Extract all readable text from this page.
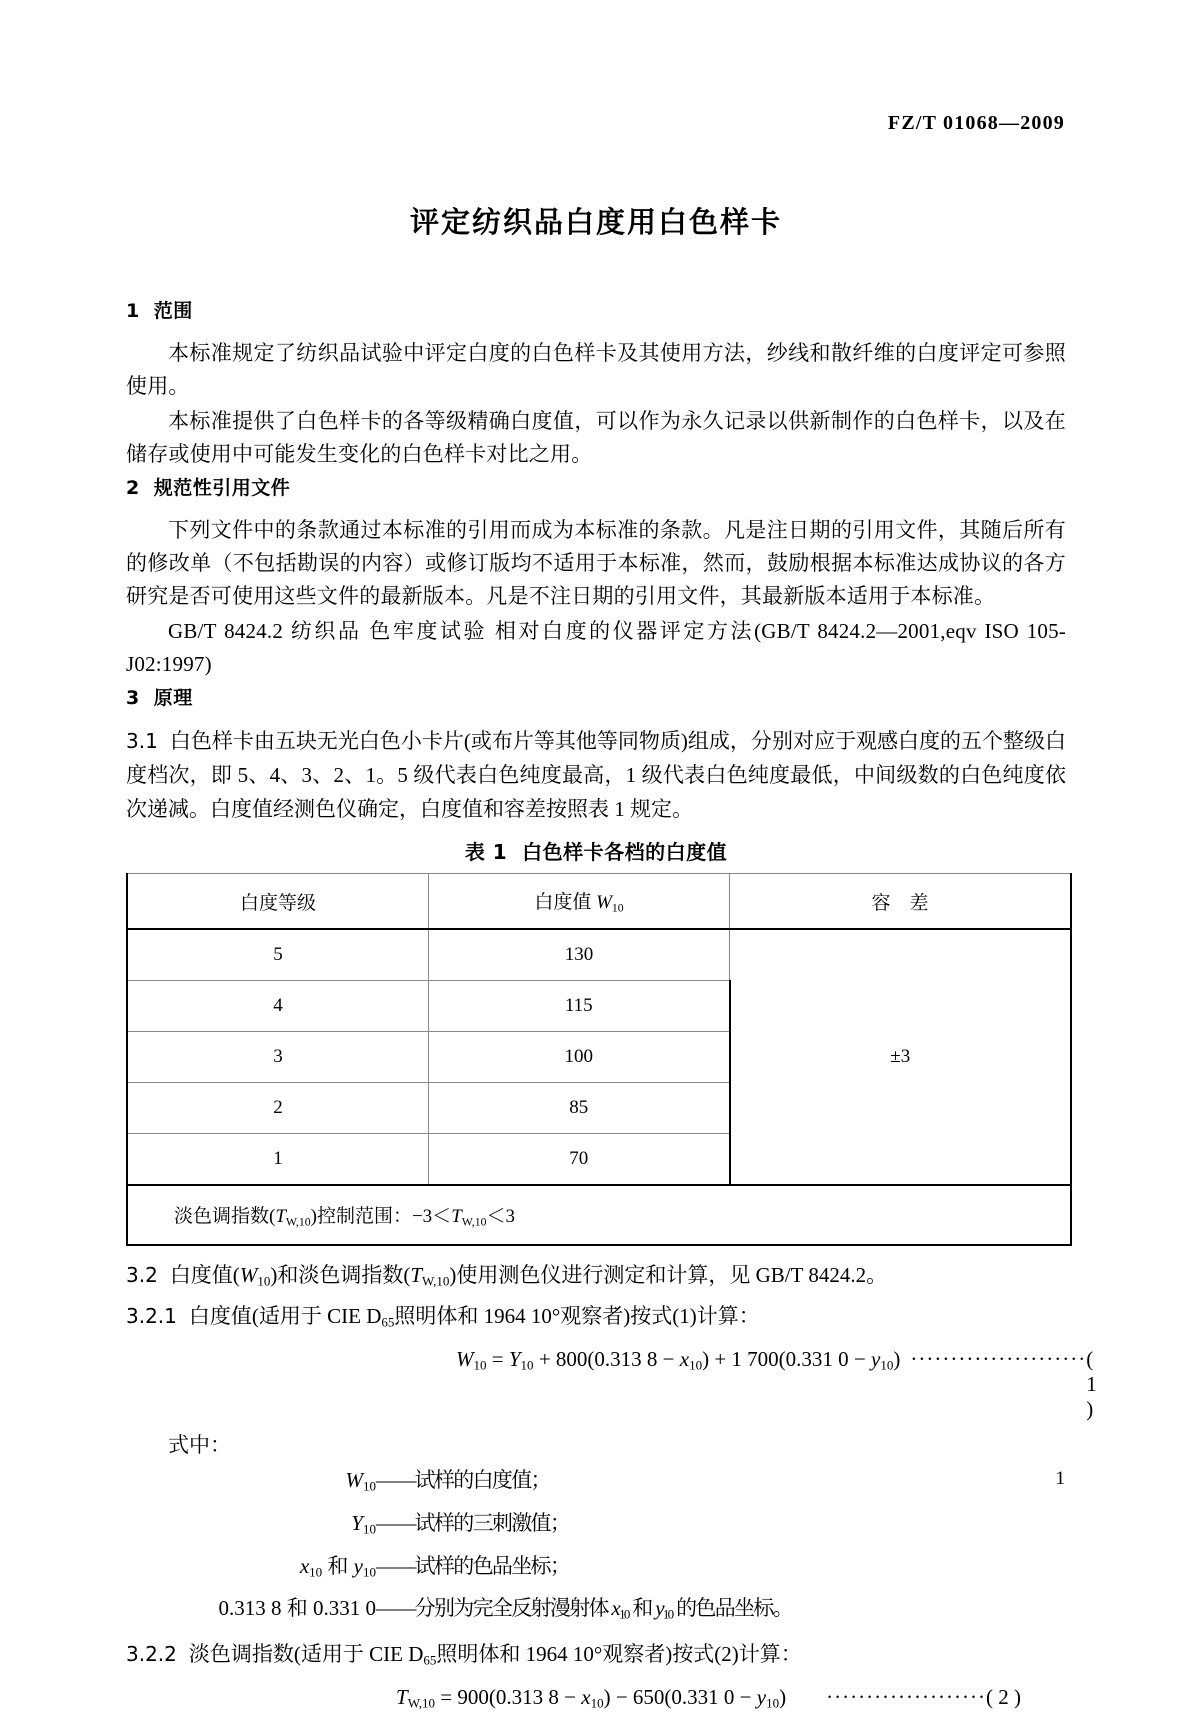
FZ/T 01068—2009
评定纺织品白度用白色样卡
1 范围

本标准规定了纺织品试验中评定白度的白色样卡及其使用方法，纱线和散纤维的白度评定可参照使用。

本标准提供了白色样卡的各等级精确白度值，可以作为永久记录以供新制作的白色样卡，以及在储存或使用中可能发生变化的白色样卡对比之用。

2 规范性引用文件

下列文件中的条款通过本标准的引用而成为本标准的条款。凡是注日期的引用文件，其随后所有的修改单（不包括勘误的内容）或修订版均不适用于本标准，然而，鼓励根据本标准达成协议的各方研究是否可使用这些文件的最新版本。凡是不注日期的引用文件，其最新版本适用于本标准。

GB/T 8424.2 纺织品 色牢度试验 相对白度的仪器评定方法(GB/T 8424.2—2001,eqv ISO 105-J02:1997)

3 原理

3.1 白色样卡由五块无光白色小卡片(或布片等其他等同物质)组成，分别对应于观感白度的五个整级白度档次，即 5、4、3、2、1。5 级代表白色纯度最高，1 级代表白色纯度最低，中间级数的白色纯度依次递减。白度值经测色仪确定，白度值和容差按照表 1 规定。

表 1 白色样卡各档的白度值
白度等级	白度值 $W_{10}$	容　差
5	130	±3
4	115	
3	100	
2	85	
1	70	
淡色调指数$(T_{W,10})$控制范围：$-3<T_{W,10}<3$		

3.2 白度值$(W_{10})$和淡色调指数$(T_{W,10})$使用测色仪进行测定和计算，见 GB/T 8424.2。

3.2.1 白度值(适用于 CIE $D_{65}$照明体和 1964 10°观察者)按式(1)计算：

$W_{10} = Y_{10} + 800(0.313$ $8 - x_{10}) + 1$ 700(0.331 $0 - y_{10}$) ······················ ( 1 )

式中：

$W_{10}——$试样的白度值；
$Y_{10}——$试样的三刺激值；
$x_{10}$ 和 $y_{10}——$试样的色品坐标；
0.313 8 和 0.331 0——分别为完全反射漫射体 $x_{10}$ 和 $y_{10}$ 的色品坐标。

3.2.2 淡色调指数(适用于 CIE $D_{65}$照明体和 1964 10°观察者)按式(2)计算：

$T_{W,10} = 900(0.313$ $8 - x_{10}) - 650(0.331$ $0 - y_{10}$) ···················· ( 2 )
1
